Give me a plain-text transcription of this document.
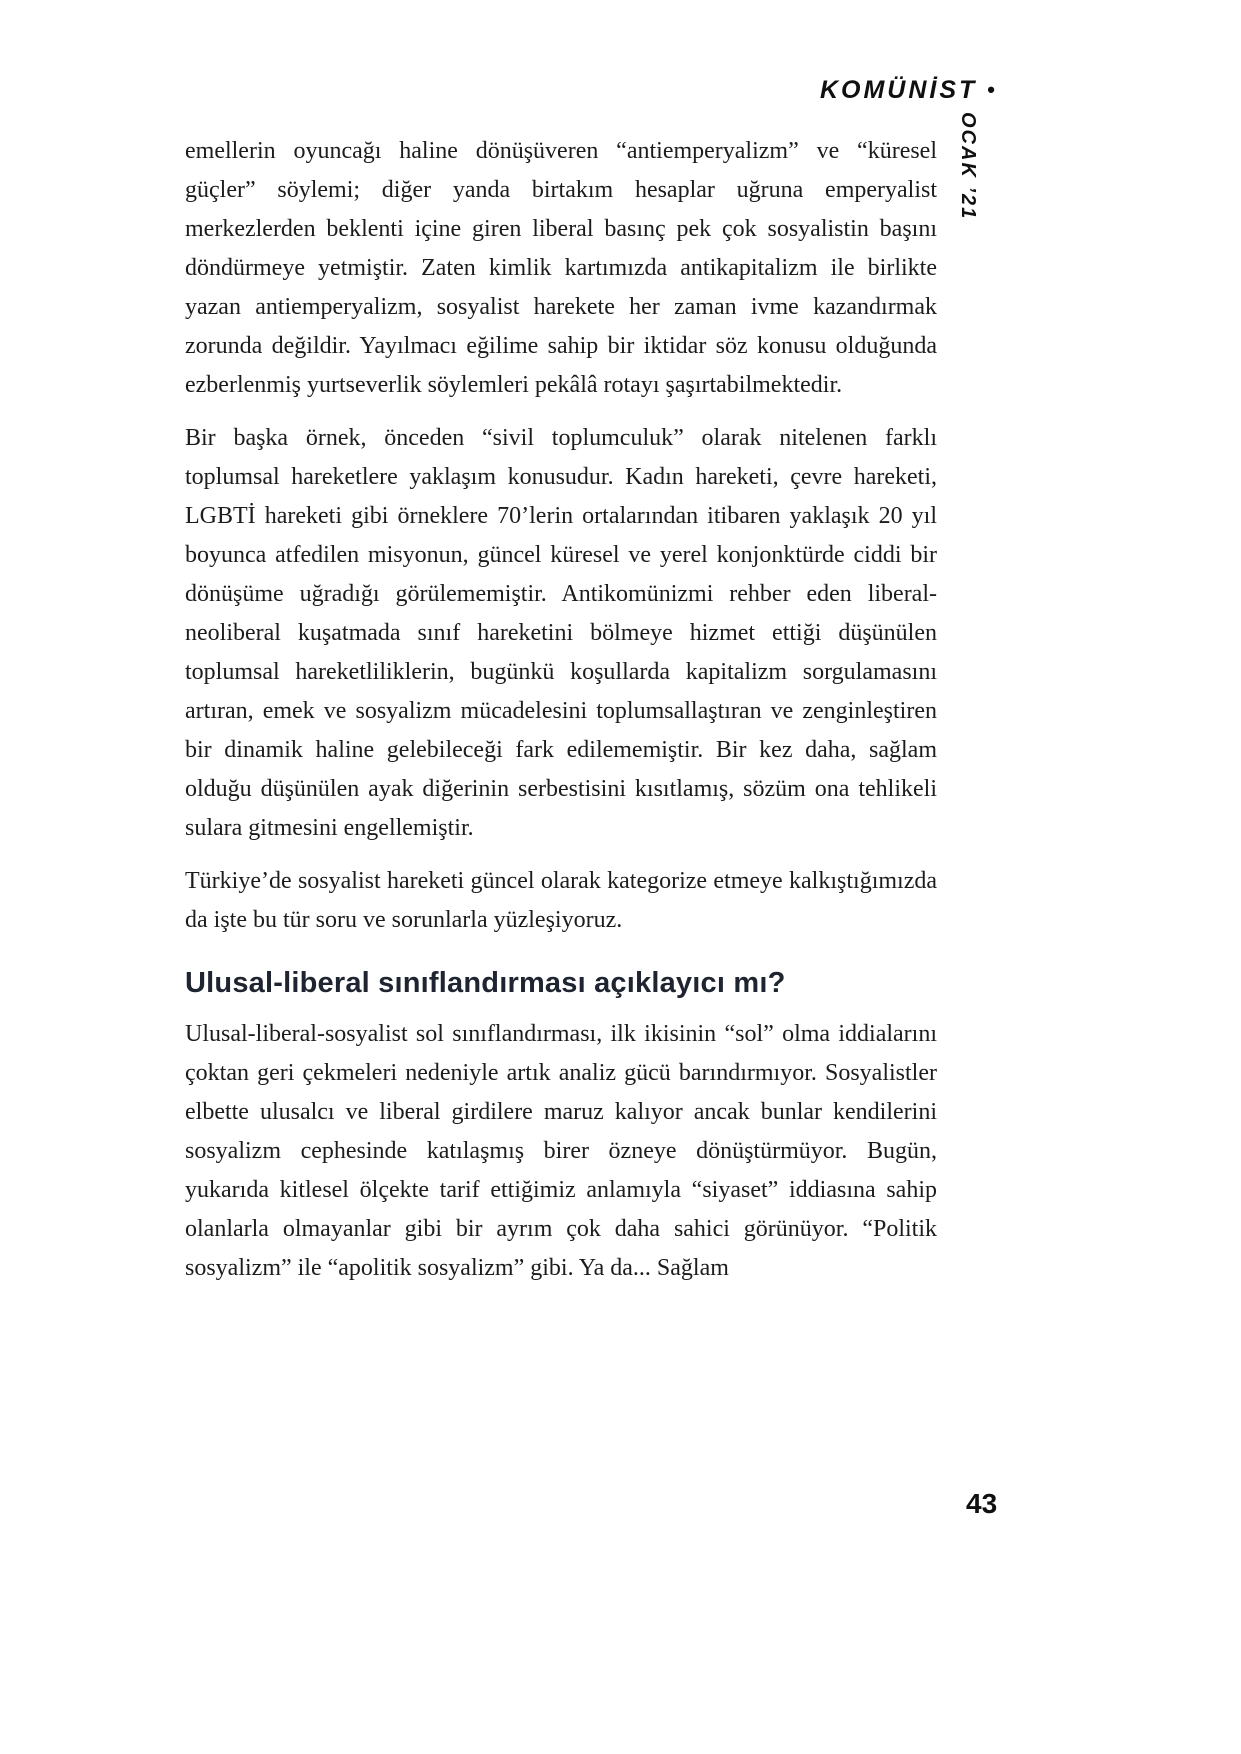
KOMÜNİST •
OCAK ’21

emellerin oyuncağı haline dönüşüveren “antiemperyalizm” ve “küresel güçler” söylemi; diğer yanda birtakım hesaplar uğruna emperyalist merkezlerden beklenti içine giren liberal basınç pek çok sosyalistin başını döndürmeye yetmiştir. Zaten kimlik kartımızda antikapitalizm ile birlikte yazan antiemperyalizm, sosyalist harekete her zaman ivme kazandırmak zorunda değildir. Yayılmacı eğilime sahip bir iktidar söz konusu olduğunda ezberlenmiş yurtseverlik söylemleri pekâlâ rotayı şaşırtabilmektedir.

Bir başka örnek, önceden “sivil toplumculuk” olarak nitelenen farklı toplumsal hareketlere yaklaşım konusudur. Kadın hareketi, çevre hareketi, LGBTİ hareketi gibi örneklere 70’lerin ortalarından itibaren yaklaşık 20 yıl boyunca atfedilen misyonun, güncel küresel ve yerel konjonktürde ciddi bir dönüşüme uğradığı görülememiştir. Antikomünizmi rehber eden liberal-neoliberal kuşatmada sınıf hareketini bölmeye hizmet ettiği düşünülen toplumsal hareketliliklerin, bugünkü koşullarda kapitalizm sorgulamasını artıran, emek ve sosyalizm mücadelesini toplumsallaştıran ve zenginleştiren bir dinamik haline gelebileceği fark edilememiştir. Bir kez daha, sağlam olduğu düşünülen ayak diğerinin serbestisini kısıtlamış, sözüm ona tehlikeli sulara gitmesini engellemiştir.

Türkiye’de sosyalist hareketi güncel olarak kategorize etmeye kalkıştığımızda da işte bu tür soru ve sorunlarla yüzleşiyoruz.

Ulusal-liberal sınıflandırması açıklayıcı mı?

Ulusal-liberal-sosyalist sol sınıflandırması, ilk ikisinin “sol” olma iddialarını çoktan geri çekmeleri nedeniyle artık analiz gücü barındırmıyor. Sosyalistler elbette ulusalcı ve liberal girdilere maruz kalıyor ancak bunlar kendilerini sosyalizm cephesinde katılaşmış birer özneye dönüştürmüyor. Bugün, yukarıda kitlesel ölçekte tarif ettiğimiz anlamıyla “siyaset” iddiasına sahip olanlarla olmayanlar gibi bir ayrım çok daha sahici görünüyor. “Politik sosyalizm” ile “apolitik sosyalizm” gibi. Ya da... Sağlam

43
